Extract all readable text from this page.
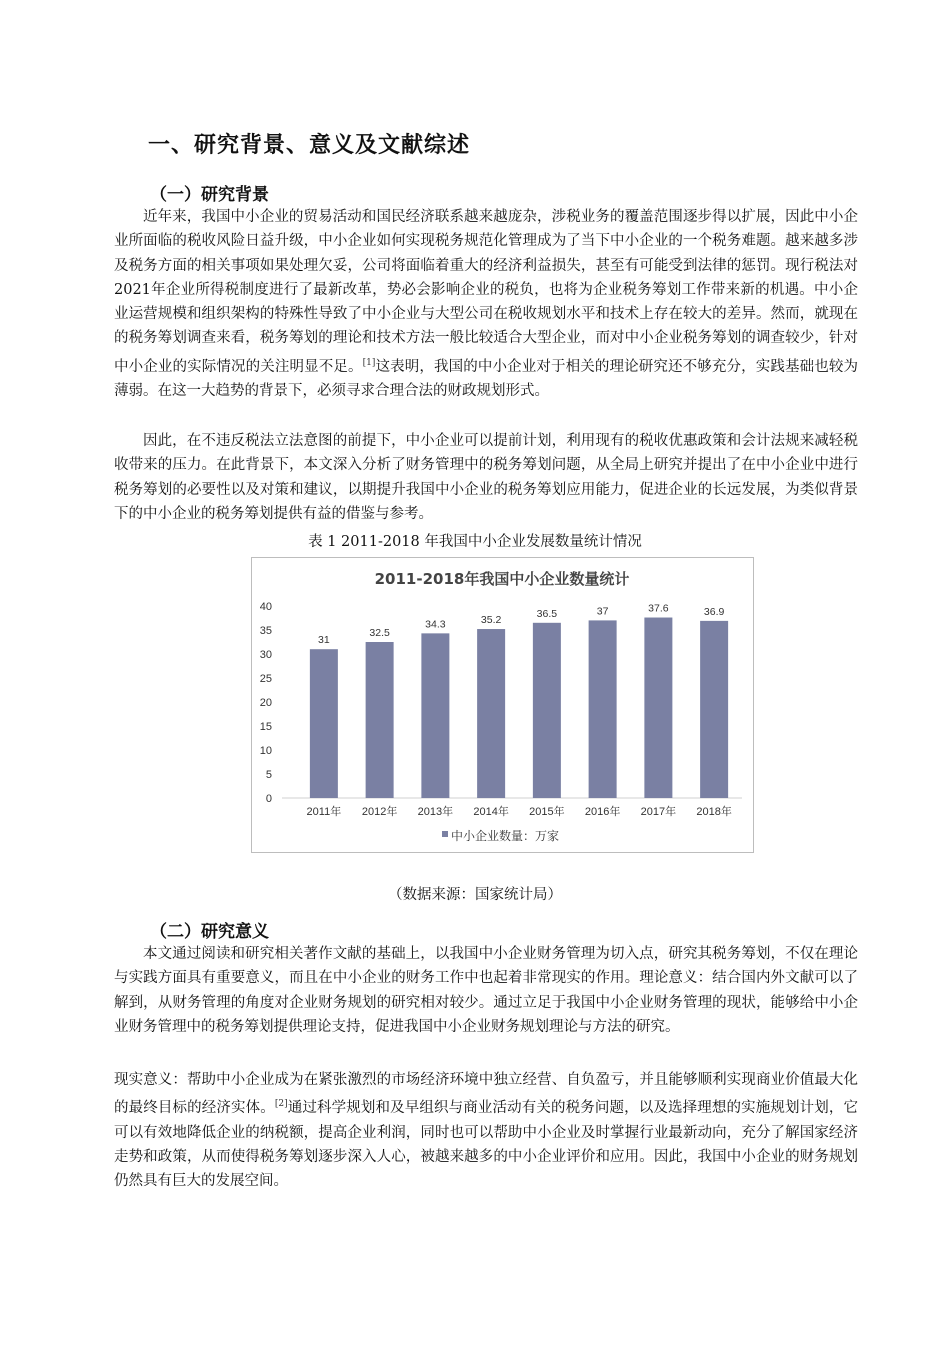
一、研究背景、意义及文献综述
（一）研究背景

近年来，我国中小企业的贸易活动和国民经济联系越来越庞杂，涉税业务的覆盖范围逐步得以扩展，因此中小企业所面临的税收风险日益升级，中小企业如何实现税务规范化管理成为了当下中小企业的一个税务难题。越来越多涉及税务方面的相关事项如果处理欠妥，公司将面临着重大的经济利益损失，甚至有可能受到法律的惩罚。现行税法对2021年企业所得税制度进行了最新改革，势必会影响企业的税负，也将为企业税务筹划工作带来新的机遇。中小企业运营规模和组织架构的特殊性导致了中小企业与大型公司在税收规划水平和技术上存在较大的差异。然而，就现在的税务筹划调查来看，税务筹划的理论和技术方法一般比较适合大型企业，而对中小企业税务筹划的调查较少，针对中小企业的实际情况的关注明显不足。[1]这表明，我国的中小企业对于相关的理论研究还不够充分，实践基础也较为薄弱。在这一大趋势的背景下，必须寻求合理合法的财政规划形式。

因此，在不违反税法立法意图的前提下，中小企业可以提前计划，利用现有的税收优惠政策和会计法规来减轻税收带来的压力。在此背景下，本文深入分析了财务管理中的税务筹划问题，从全局上研究并提出了在中小企业中进行税务筹划的必要性以及对策和建议，以期提升我国中小企业的税务筹划应用能力，促进企业的长远发展，为类似背景下的中小企业的税务筹划提供有益的借鉴与参考。

表 1 2011-2018 年我国中小企业发展数量统计情况
2011-2018年我国中小企业数量统计
0
5
10
15
20
25
30
35
40
31
32.5
34.3	35.2
36.5	37	37.6	36.9
2011年 2012年 2013年 2014年 2015年 2016年 2017年 2018年
中小企业数量：万家
（数据来源：国家统计局）
（二）研究意义

本文通过阅读和研究相关著作文献的基础上，以我国中小企业财务管理为切入点，研究其税务筹划，不仅在理论与实践方面具有重要意义，而且在中小企业的财务工作中也起着非常现实的作用。理论意义：结合国内外文献可以了解到，从财务管理的角度对企业财务规划的研究相对较少。通过立足于我国中小企业财务管理的现状，能够给中小企业财务管理中的税务筹划提供理论支持，促进我国中小企业财务规划理论与方法的研究。

现实意义：帮助中小企业成为在紧张激烈的市场经济环境中独立经营、自负盈亏，并且能够顺利实现商业价值最大化的最终目标的经济实体。[2]通过科学规划和及早组织与商业活动有关的税务问题，以及选择理想的实施规划计划，它可以有效地降低企业的纳税额，提高企业利润，同时也可以帮助中小企业及时掌握行业最新动向，充分了解国家经济走势和政策，从而使得税务筹划逐步深入人心，被越来越多的中小企业评价和应用。因此，我国中小企业的财务规划仍然具有巨大的发展空间。
